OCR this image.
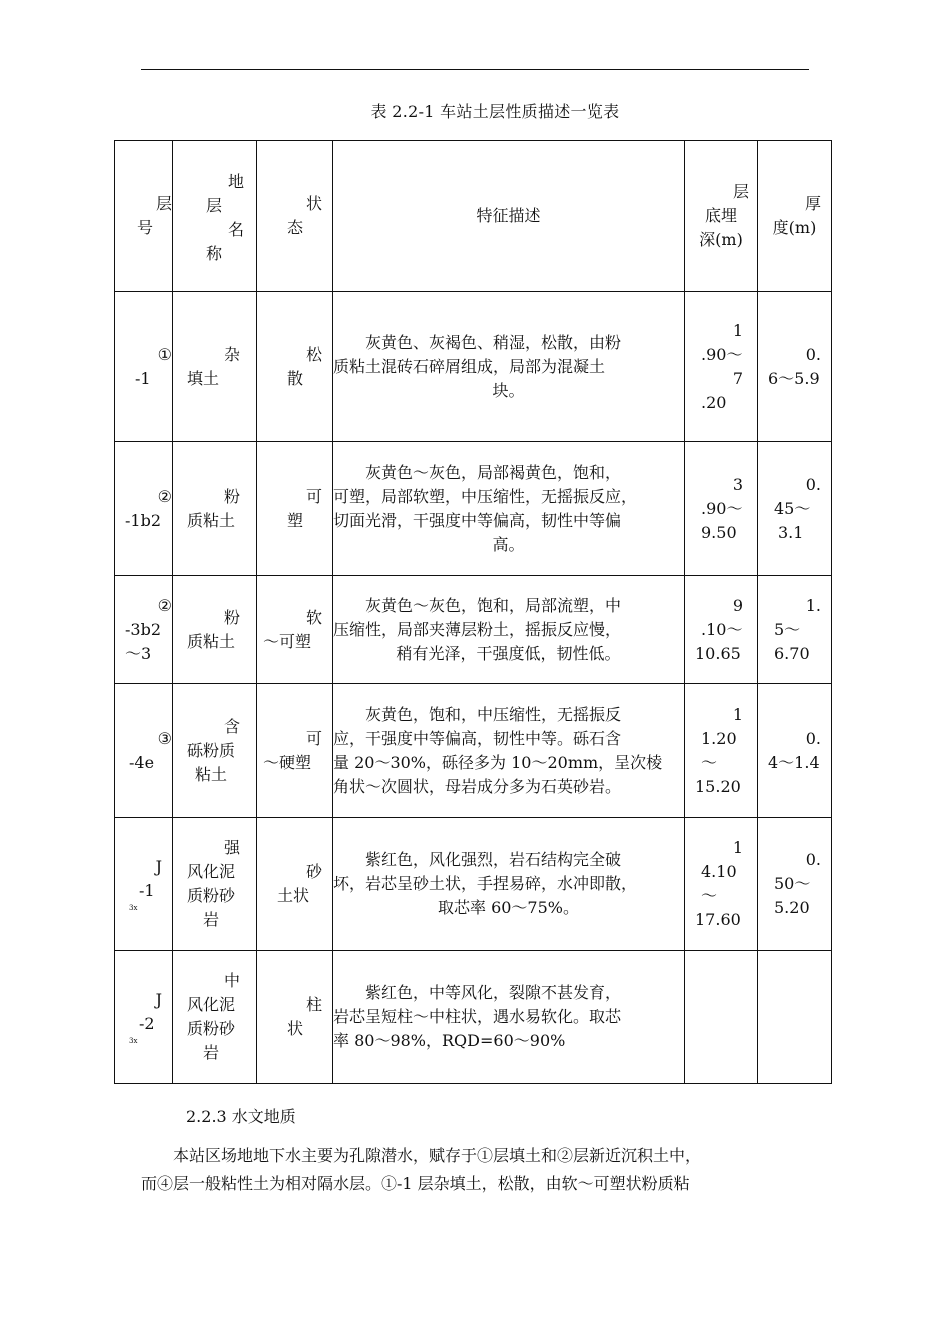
表 2.2-1 车站土层性质描述一览表
层
号	地
层
名
称	状
态	特征描述	层
底埋
深(m)	厚
度(m)

①
-1	杂
填土	松
散	灰黄色、灰褐色、稍湿，松散，由粉
质粘土混砖石碎屑组成，局部为混凝土
块。	1
.90～
7
.20	0.
6～5.9

②
-1b2	粉
质粘土	可
塑	灰黄色～灰色，局部褐黄色，饱和，
可塑，局部软塑，中压缩性，无摇振反应，
切面光滑，干强度中等偏高，韧性中等偏
高。	3
.90～
9.50	0.
45～
3.1

②
-3b2
～3	粉
质粘土	软
～可塑	灰黄色～灰色，饱和，局部流塑，中
压缩性，局部夹薄层粉土，摇振反应慢，
稍有光泽，干强度低，韧性低。	9
.10～
10.65	1.
5～
6.70

③
-4e	含
砾粉质
粘土	可
～硬塑	灰黄色，饱和，中压缩性，无摇振反
应，干强度中等偏高，韧性中等。砾石含
量 20～30%，砾径多为 10～20mm，呈次棱
角状～次圆状，母岩成分多为石英砂岩。	1
1.20
～
15.20	0.
4～1.4

J
-1
3x	强
风化泥
质粉砂
岩	砂
土状	紫红色，风化强烈，岩石结构完全破
坏，岩芯呈砂土状，手捏易碎，水冲即散，
取芯率 60～75%。	1
4.10
～
17.60	0.
50～
5.20

J
-2
3x	中
风化泥
质粉砂
岩	柱
状	紫红色，中等风化，裂隙不甚发育，
岩芯呈短柱～中柱状，遇水易软化。取芯
率 80～98%，RQD=60～90%		

2.2.3 水文地质
　　本站区场地地下水主要为孔隙潜水，赋存于①层填土和②层新近沉积土中，
而④层一般粘性土为相对隔水层。①-1 层杂填土，松散，由软～可塑状粉质粘
